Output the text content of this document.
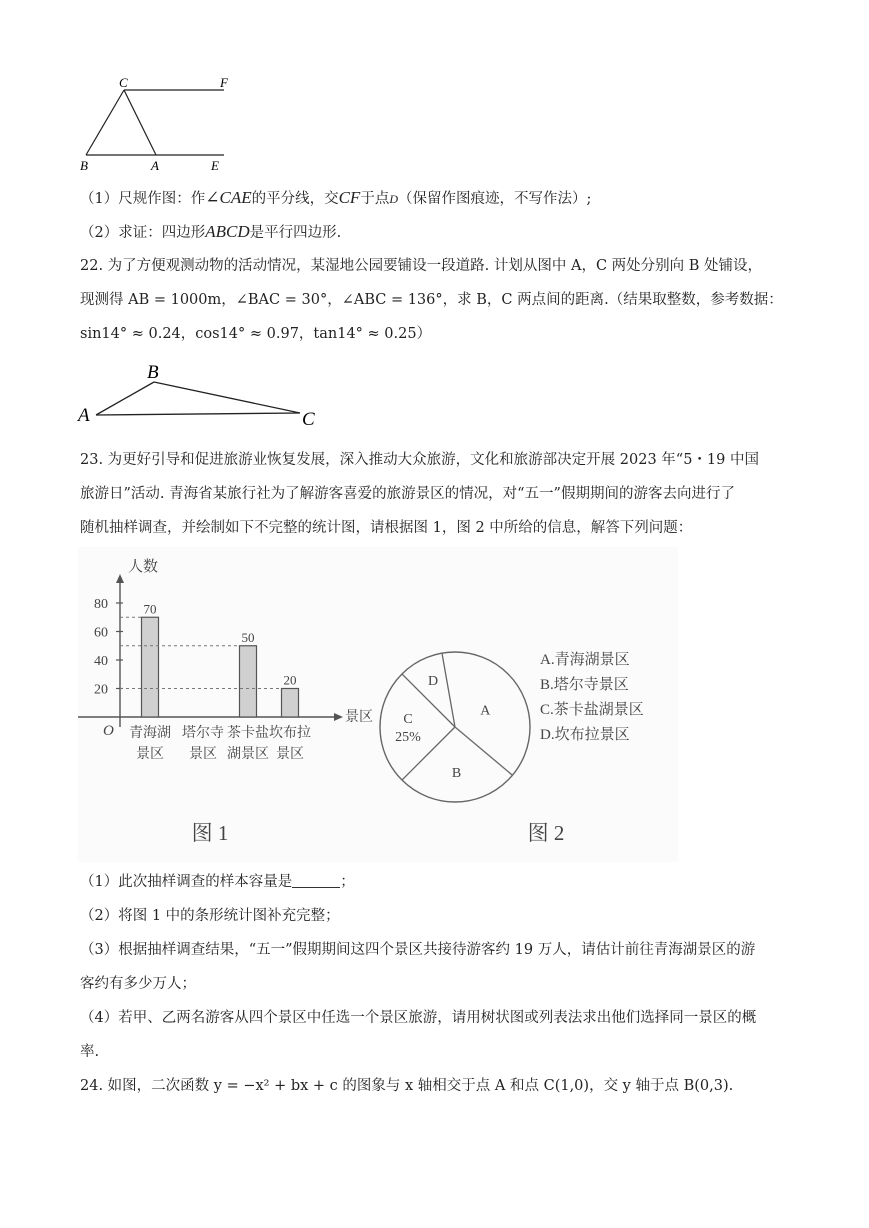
C	F
B	A	E
（1）尺规作图：作∠CAE的平分线，交CF于点D（保留作图痕迹，不写作法）;
（2）求证：四边形ABCD是平行四边形.
22. 为了方便观测动物的活动情况，某湿地公园要铺设一段道路. 计划从图中 A，C 两处分别向 B 处铺设，
现测得 AB = 1000m，∠BAC = 30°，∠ABC = 136°，求 B，C 两点间的距离.（结果取整数，参考数据：
sin14° ≈ 0.24，cos14° ≈ 0.97，tan14° ≈ 0.25）
A
B
C
23. 为更好引导和促进旅游业恢复发展，深入推动大众旅游，文化和旅游部决定开展 2023 年“5・19 中国
旅游日”活动. 青海省某旅行社为了解游客喜爱的旅游景区的情况，对“五一”假期期间的游客去向进行了
随机抽样调查，并绘制如下不完整的统计图，请根据图 1，图 2 中所给的信息，解答下列问题：
人数
景区
O
20
40
60
80	70
青海湖
景区
塔尔寺
景区
50
茶卡盐
湖景区
20
坎布拉
景区
图 1
A
B
C
25%
D
A.青海湖景区
B.塔尔寺景区
C.茶卡盐湖景区
D.坎布拉景区
图 2
（1）此次抽样调查的样本容量是	；
（2）将图 1 中的条形统计图补充完整；
（3）根据抽样调查结果，“五一”假期期间这四个景区共接待游客约 19 万人，请估计前往青海湖景区的游
客约有多少万人；
（4）若甲、乙两名游客从四个景区中任选一个景区旅游，请用树状图或列表法求出他们选择同一景区的概
率.
24. 如图，二次函数 y = −x² + bx + c 的图象与 x 轴相交于点 A 和点 C(1,0)，交 y 轴于点 B(0,3).
